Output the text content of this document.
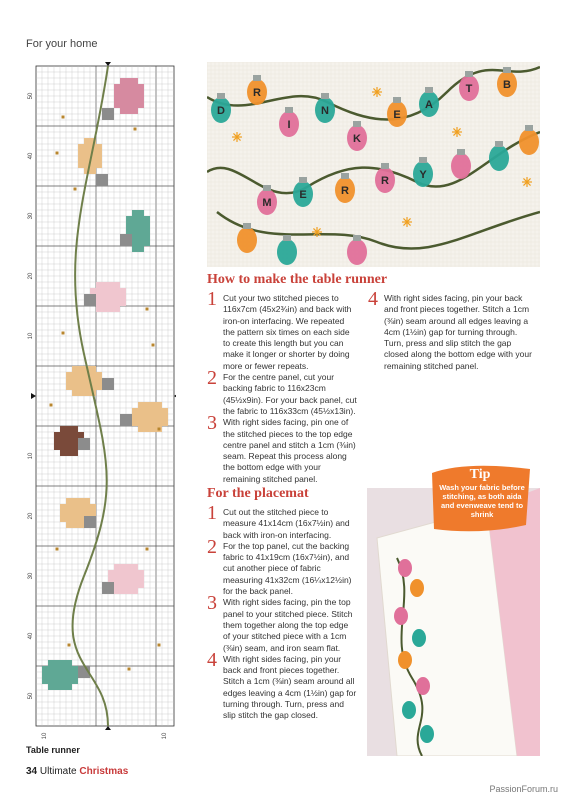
For your home
50
40
30
20
10
10
20
30
40
50
10	10
Table runner
D
R
I
N
K
E
A
T	B
M
E	R
R	Y
How to make the table runner

1 Cut your two stitched pieces to 116x7cm (45x2¾in) and back with iron-on interfacing. We repeated the pattern six times on each side to create this length but you can make it longer or shorter by doing more or fewer repeats.

2 For the centre panel, cut your backing fabric to 116x23cm (45½x9in). For your back panel, cut the fabric to 116x33cm (45½x13in).

3 With right sides facing, pin one of the stitched pieces to the top edge centre panel and stitch a 1cm (⅜in) seam. Repeat this process along the bottom edge with your remaining stitched panel.

4 With right sides facing, pin your back and front pieces together. Stitch a 1cm (⅜in) seam around all edges leaving a 4cm (1½in) gap for turning through. Turn, press and slip stitch the gap closed along the bottom edge with your remaining stitched panel.

For the placemat

1 Cut out the stitched piece to measure 41x14cm (16x7½in) and back with iron-on interfacing.

2 For the top panel, cut the backing fabric to 41x19cm (16x7½in), and cut another piece of fabric measuring 41x32cm (16¼x12½in) for the back panel.

3 With right sides facing, pin the top panel to your stitched piece. Stitch them together along the top edge of your stitched piece with a 1cm (⅜in) seam, and iron seam flat.

4 With right sides facing, pin your back and front pieces together. Stitch a 1cm (⅜in) seam around all edges leaving a 4cm (1½in) gap for turning through. Turn, press and slip stitch the gap closed.

Tip
Wash your fabric before stitching, as both aida and evenweave tend to shrink
34 Ultimate Christmas
PassionForum.ru
